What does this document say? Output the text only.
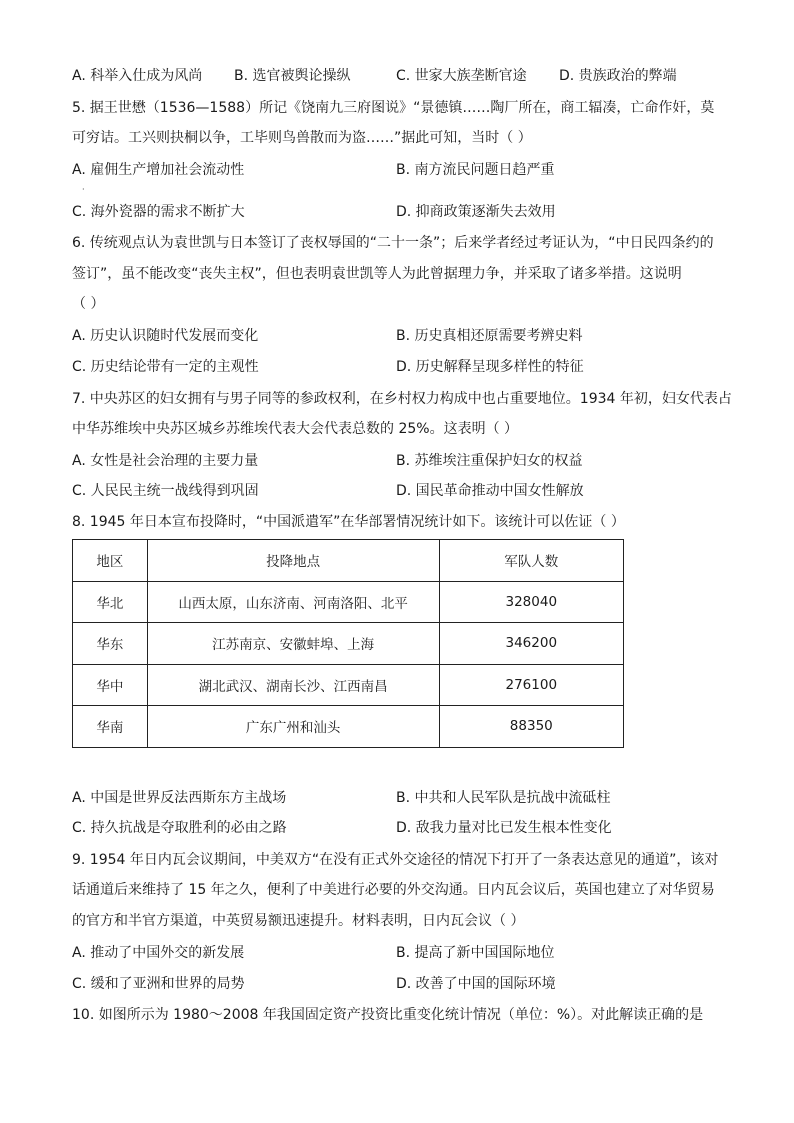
A. 科举入仕成为风尚 B. 选官被舆论操纵	C. 世家大族垄断官途 D. 贵族政治的弊端
5. 据王世懋（1536—1588）所记《饶南九三府图说》“景德镇……陶厂所在，商工辐凑，亡命作奸，莫
可穷诘。工兴则抉桐以争，工毕则鸟兽散而为盗……”据此可知，当时（ ）
A. 雇佣生产增加社会流动性	B. 南方流民问题日趋严重
·
C. 海外瓷器的需求不断扩大	D. 抑商政策逐渐失去效用
6. 传统观点认为袁世凯与日本签订了丧权辱国的“二十一条”；后来学者经过考证认为，“中日民四条约的
签订”，虽不能改变“丧失主权”，但也表明袁世凯等人为此曾据理力争，并采取了诸多举措。这说明
（ ）
A. 历史认识随时代发展而变化	B. 历史真相还原需要考辨史料
C. 历史结论带有一定的主观性	D. 历史解释呈现多样性的特征
7. 中央苏区的妇女拥有与男子同等的参政权利，在乡村权力构成中也占重要地位。1934 年初，妇女代表占
中华苏维埃中央苏区城乡苏维埃代表大会代表总数的 25%。这表明（ ）
A. 女性是社会治理的主要力量	B. 苏维埃注重保护妇女的权益
C. 人民民主统一战线得到巩固	D. 国民革命推动中国女性解放
8. 1945 年日本宣布投降时，“中国派遣军”在华部署情况统计如下。该统计可以佐证（ ）
地区	投降地点	军队人数
华北	山西太原，山东济南、河南洛阳、北平	328040
华东	江苏南京、安徽蚌埠、上海	346200
华中	湖北武汉、湖南长沙、江西南昌	276100
华南	广东广州和汕头	88350
A. 中国是世界反法西斯东方主战场	B. 中共和人民军队是抗战中流砥柱
C. 持久抗战是夺取胜利的必由之路	D. 敌我力量对比已发生根本性变化
9. 1954 年日内瓦会议期间，中美双方“在没有正式外交途径的情况下打开了一条表达意见的通道”，该对
话通道后来维持了 15 年之久，便利了中美进行必要的外交沟通。日内瓦会议后，英国也建立了对华贸易
的官方和半官方渠道，中英贸易额迅速提升。材料表明，日内瓦会议（ ）
A. 推动了中国外交的新发展	B. 提高了新中国国际地位
C. 缓和了亚洲和世界的局势	D. 改善了中国的国际环境
10. 如图所示为 1980～2008 年我国固定资产投资比重变化统计情况（单位：%）。对此解读正确的是
